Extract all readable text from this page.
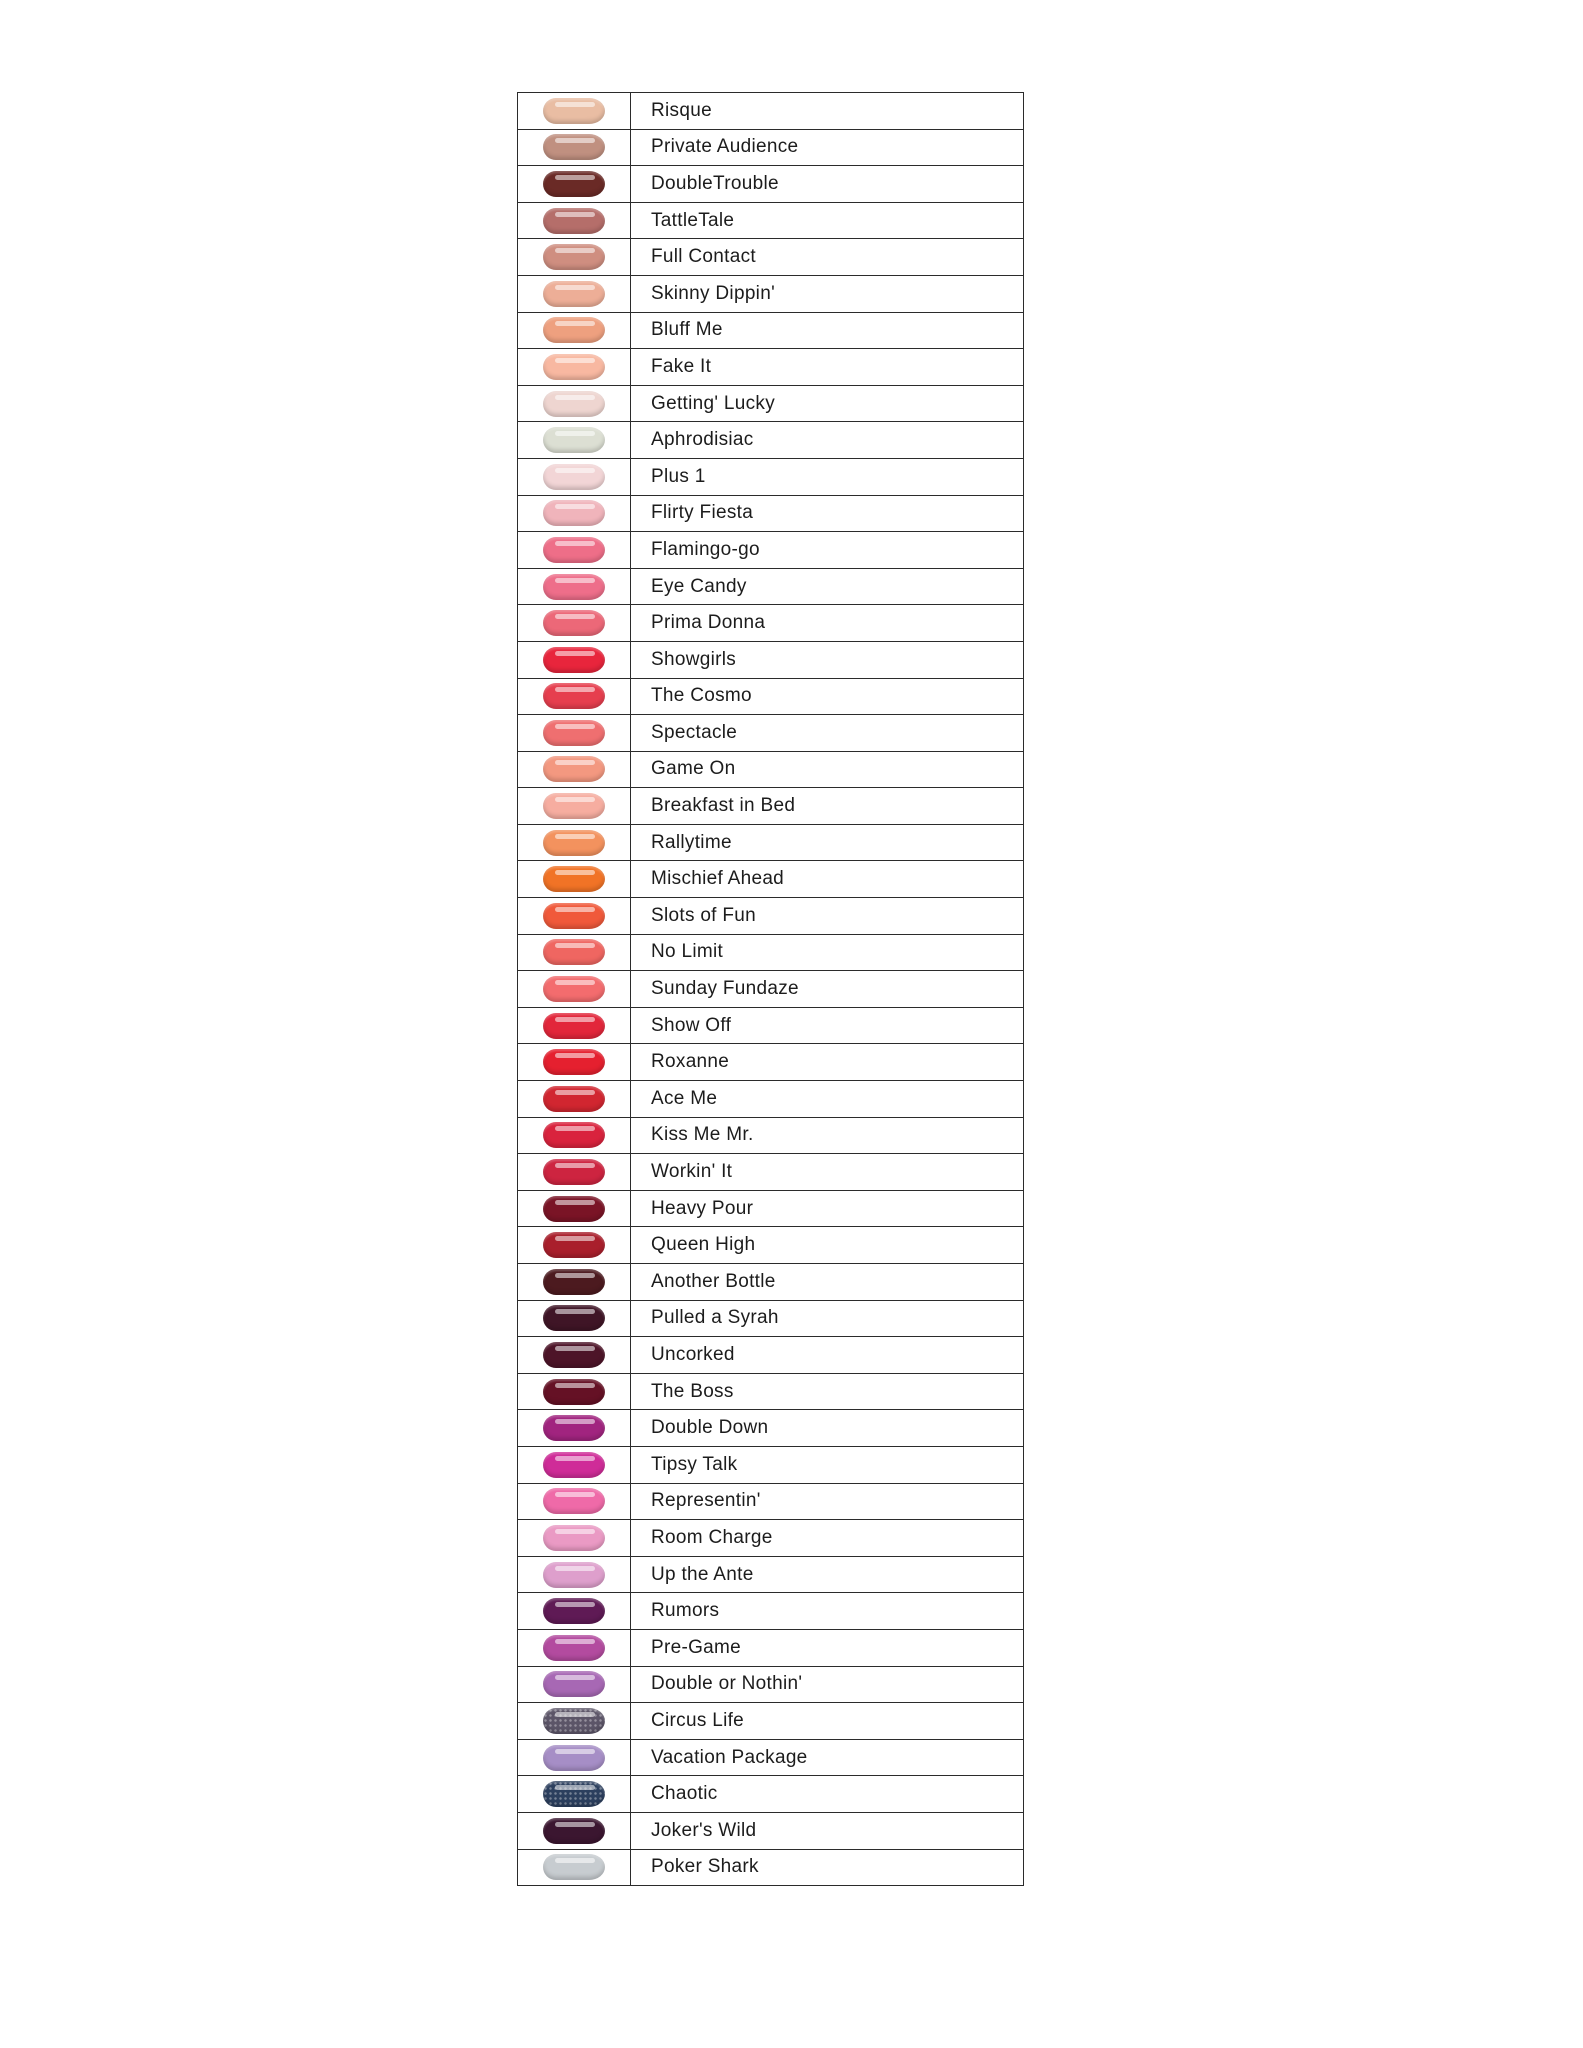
	Risque
	Private Audience
	DoubleTrouble
	TattleTale
	Full Contact
	Skinny Dippin'
	Bluff Me
	Fake It
	Getting' Lucky
	Aphrodisiac
	Plus 1
	Flirty Fiesta
	Flamingo-go
	Eye Candy
	Prima Donna
	Showgirls
	The Cosmo
	Spectacle
	Game On
	Breakfast in Bed
	Rallytime
	Mischief Ahead
	Slots of Fun
	No Limit
	Sunday Fundaze
	Show Off
	Roxanne
	Ace Me
	Kiss Me Mr.
	Workin' It
	Heavy Pour
	Queen High
	Another Bottle
	Pulled a Syrah
	Uncorked
	The Boss
	Double Down
	Tipsy Talk
	Representin'
	Room Charge
	Up the Ante
	Rumors
	Pre-Game
	Double or Nothin'
	Circus Life
	Vacation Package
	Chaotic
	Joker's Wild
	Poker Shark
